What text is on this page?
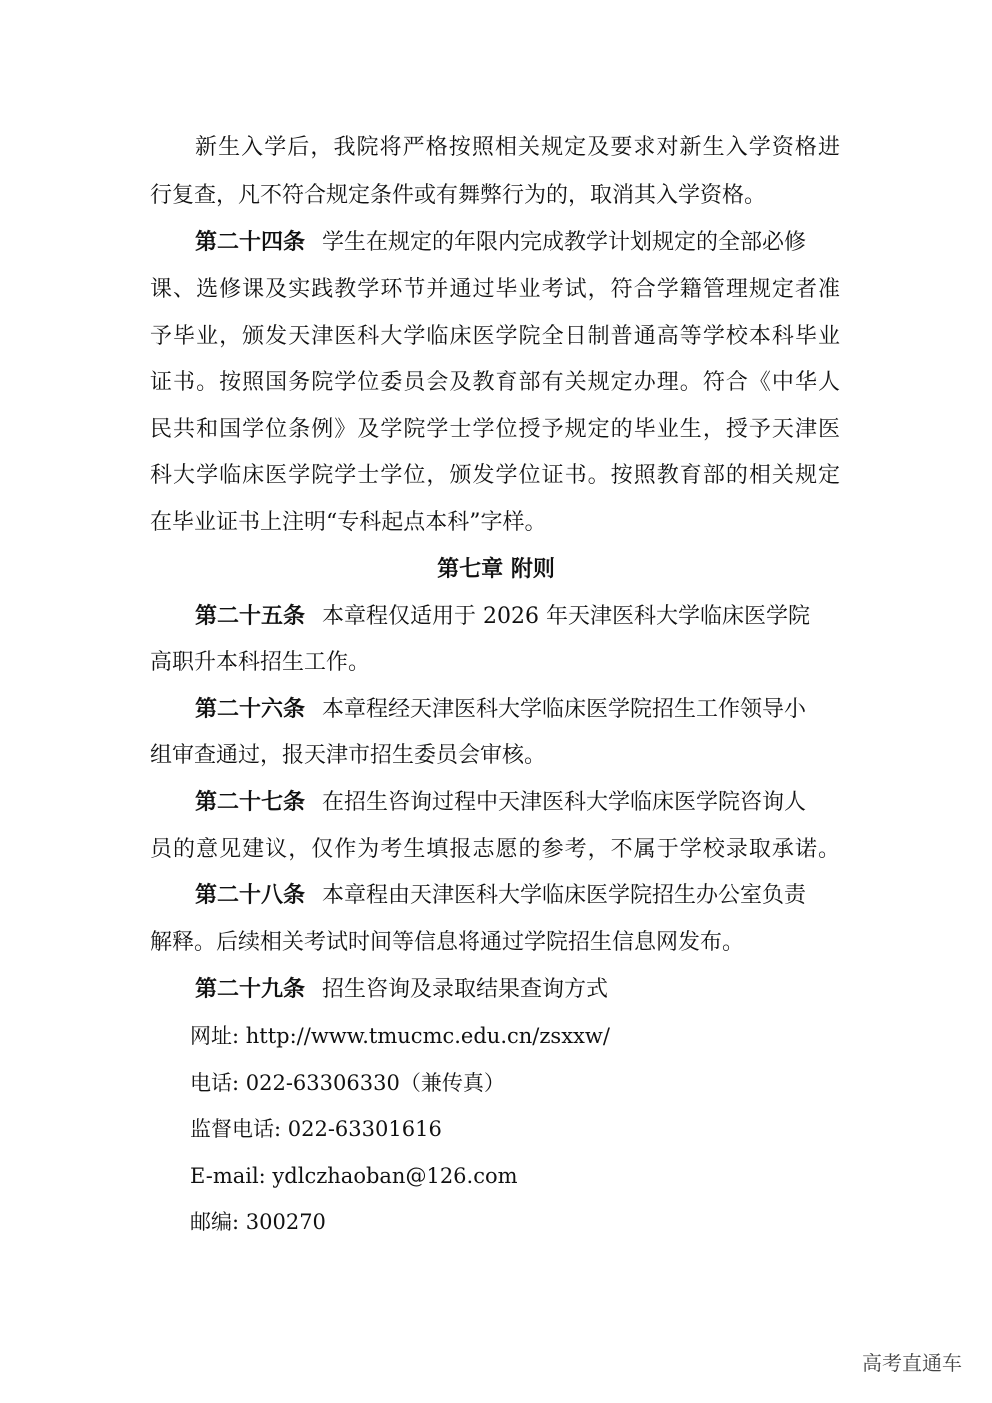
新生入学后，我院将严格按照相关规定及要求对新生入学资格进
行复查，凡不符合规定条件或有舞弊行为的，取消其入学资格。
第二十四条 学生在规定的年限内完成教学计划规定的全部必修
课、选修课及实践教学环节并通过毕业考试，符合学籍管理规定者准
予毕业，颁发天津医科大学临床医学院全日制普通高等学校本科毕业
证书。按照国务院学位委员会及教育部有关规定办理。符合《中华人
民共和国学位条例》及学院学士学位授予规定的毕业生，授予天津医
科大学临床医学院学士学位，颁发学位证书。按照教育部的相关规定
在毕业证书上注明“专科起点本科”字样。
第七章 附则
第二十五条 本章程仅适用于 2026 年天津医科大学临床医学院
高职升本科招生工作。
第二十六条 本章程经天津医科大学临床医学院招生工作领导小
组审查通过，报天津市招生委员会审核。
第二十七条 在招生咨询过程中天津医科大学临床医学院咨询人
员的意见建议，仅作为考生填报志愿的参考，不属于学校录取承诺。
第二十八条 本章程由天津医科大学临床医学院招生办公室负责
解释。后续相关考试时间等信息将通过学院招生信息网发布。
第二十九条 招生咨询及录取结果查询方式
网址: http://www.tmucmc.edu.cn/zsxxw/
电话: 022-63306330（兼传真）
监督电话: 022-63301616
E-mail: ydlczhaoban@126.com
邮编: 300270
高考直通车
